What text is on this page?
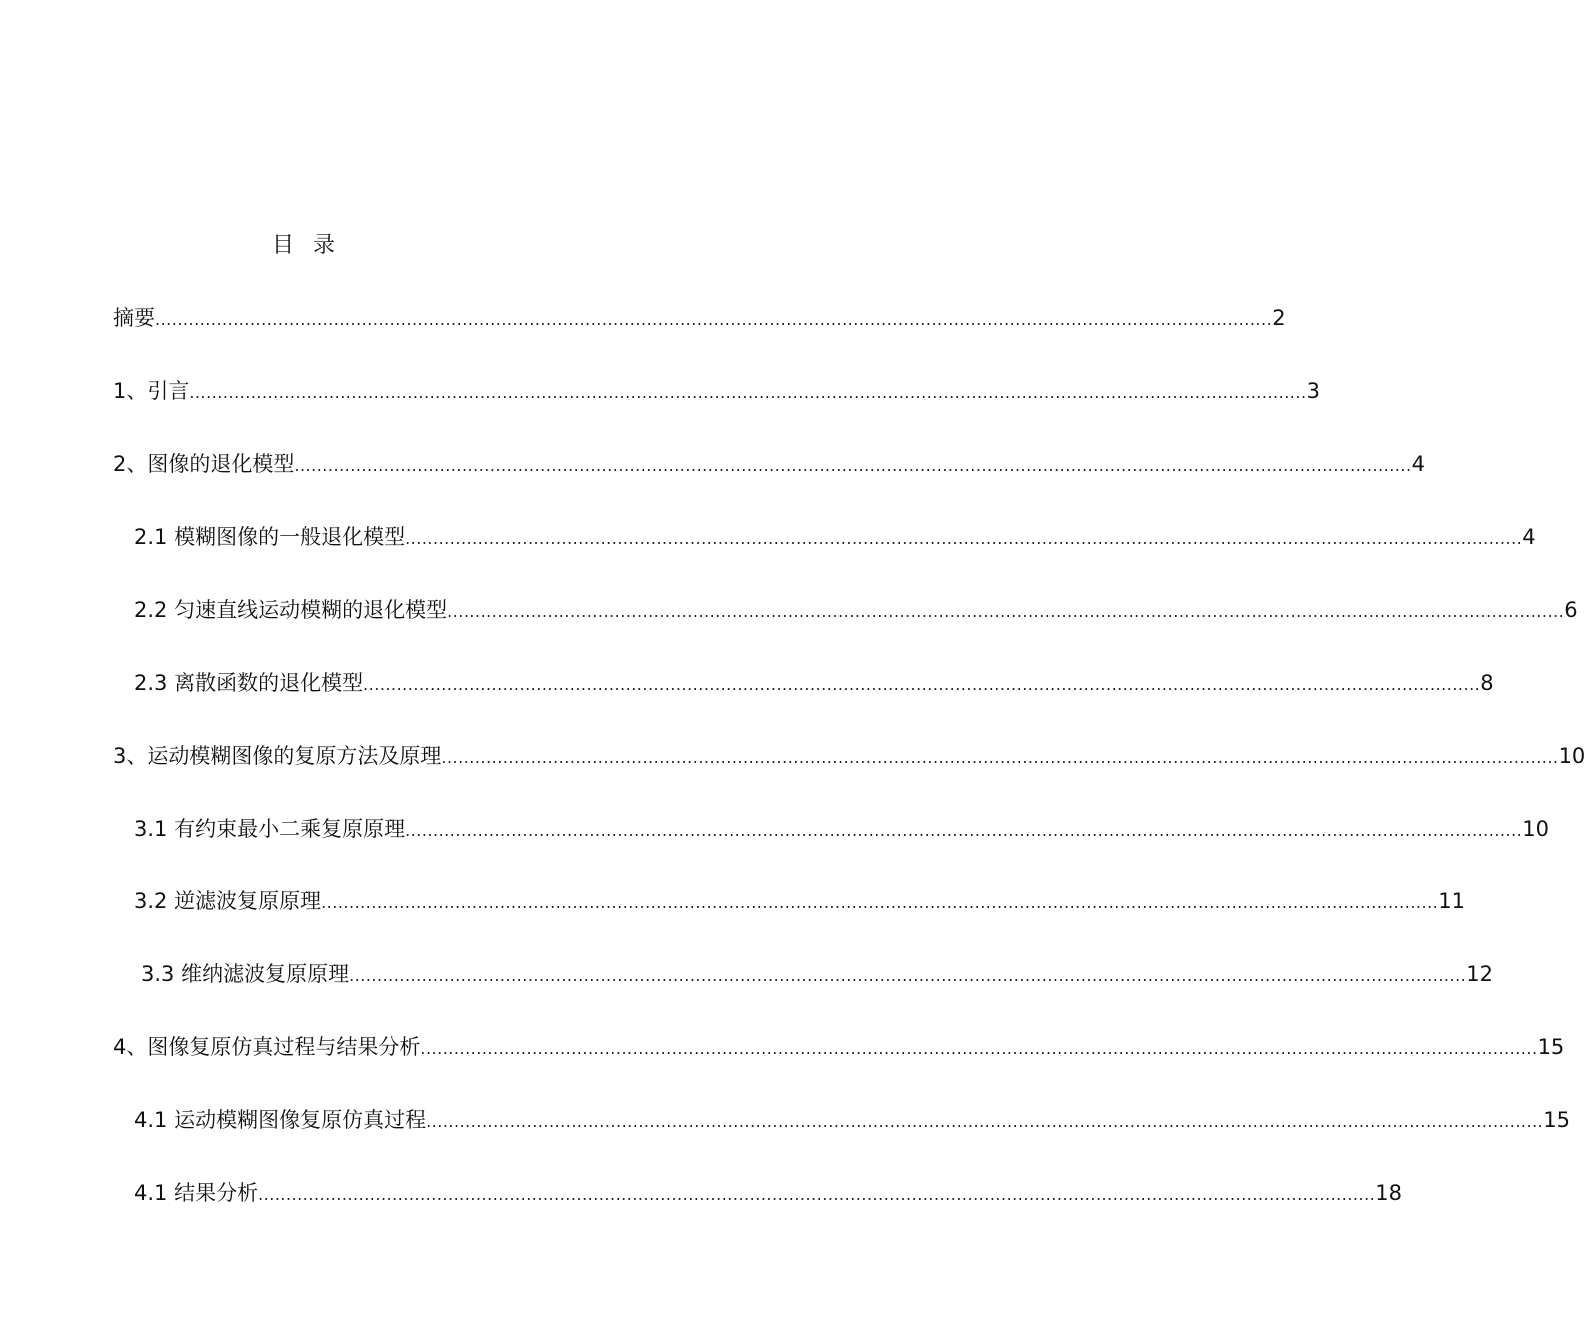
目 录
摘要 ........................................................................................................................................................................................................ 2
1、引言 ........................................................................................................................................................................................................ 3
2、图像的退化模型 ........................................................................................................................................................................................................ 4
2.1 模糊图像的一般退化模型 ........................................................................................................................................................................................................ 4
2.2 匀速直线运动模糊的退化模型 ........................................................................................................................................................................................................ 6
2.3 离散函数的退化模型 ........................................................................................................................................................................................................ 8
3、运动模糊图像的复原方法及原理 ........................................................................................................................................................................................................ 10
3.1 有约束最小二乘复原原理 ........................................................................................................................................................................................................ 10
3.2 逆滤波复原原理 ........................................................................................................................................................................................................ 11
3.3 维纳滤波复原原理 ........................................................................................................................................................................................................ 12
4、图像复原仿真过程与结果分析 ........................................................................................................................................................................................................ 15
4.1 运动模糊图像复原仿真过程 ........................................................................................................................................................................................................ 15
4.1 结果分析 ........................................................................................................................................................................................................ 18
